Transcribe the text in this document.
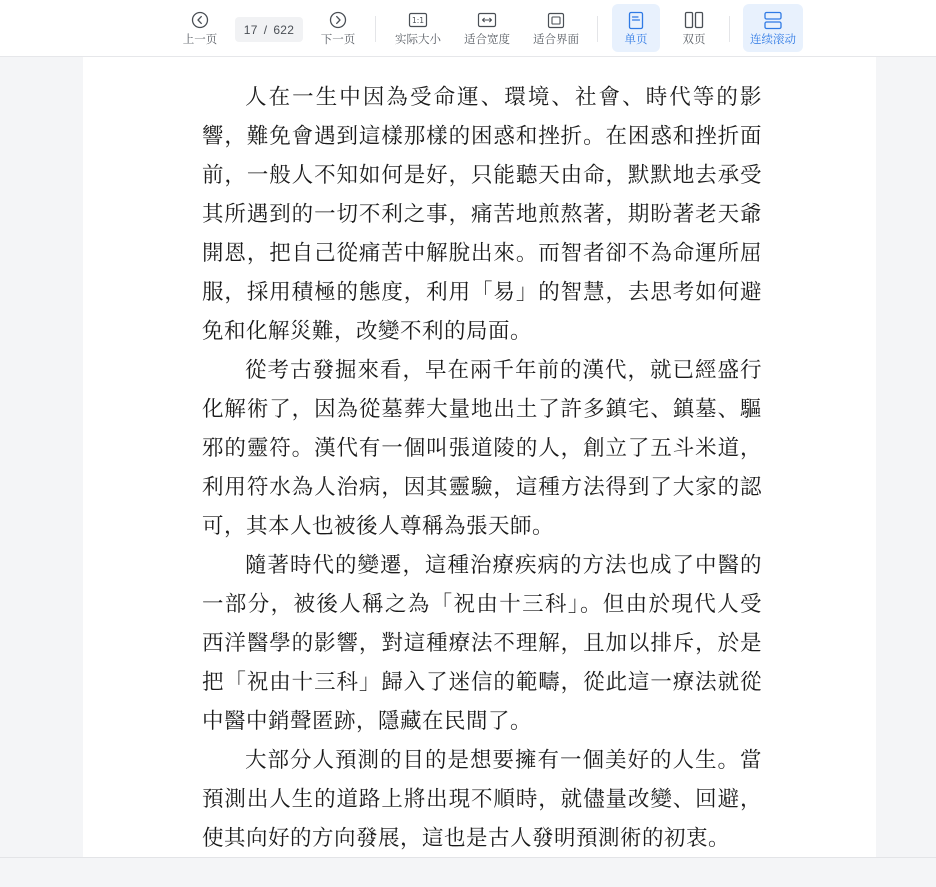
上一页
17 / 622
下一页
1:1
实际大小 适合宽度 适合界面	单页	双页	连续滚动

人在一生中因為受命運、環境、社會、時代等的影響，難免會遇到這樣那樣的困惑和挫折。在困惑和挫折面前，一般人不知如何是好，只能聽天由命，默默地去承受其所遇到的一切不利之事，痛苦地煎熬著，期盼著老天爺開恩，把自己從痛苦中解脫出來。而智者卻不為命運所屈服，採用積極的態度，利用「易」的智慧，去思考如何避免和化解災難，改變不利的局面。

從考古發掘來看，早在兩千年前的漢代，就已經盛行化解術了，因為從墓葬大量地出土了許多鎮宅、鎮墓、驅邪的靈符。漢代有一個叫張道陵的人，創立了五斗米道，利用符水為人治病，因其靈驗，這種方法得到了大家的認可，其本人也被後人尊稱為張天師。

隨著時代的變遷，這種治療疾病的方法也成了中醫的一部分，被後人稱之為「祝由十三科」。但由於現代人受西洋醫學的影響，對這種療法不理解，且加以排斥，於是把「祝由十三科」歸入了迷信的範疇，從此這一療法就從中醫中銷聲匿跡，隱藏在民間了。

大部分人預測的目的是想要擁有一個美好的人生。當預測出人生的道路上將出現不順時，就儘量改變、回避，使其向好的方向發展，這也是古人發明預測術的初衷。
